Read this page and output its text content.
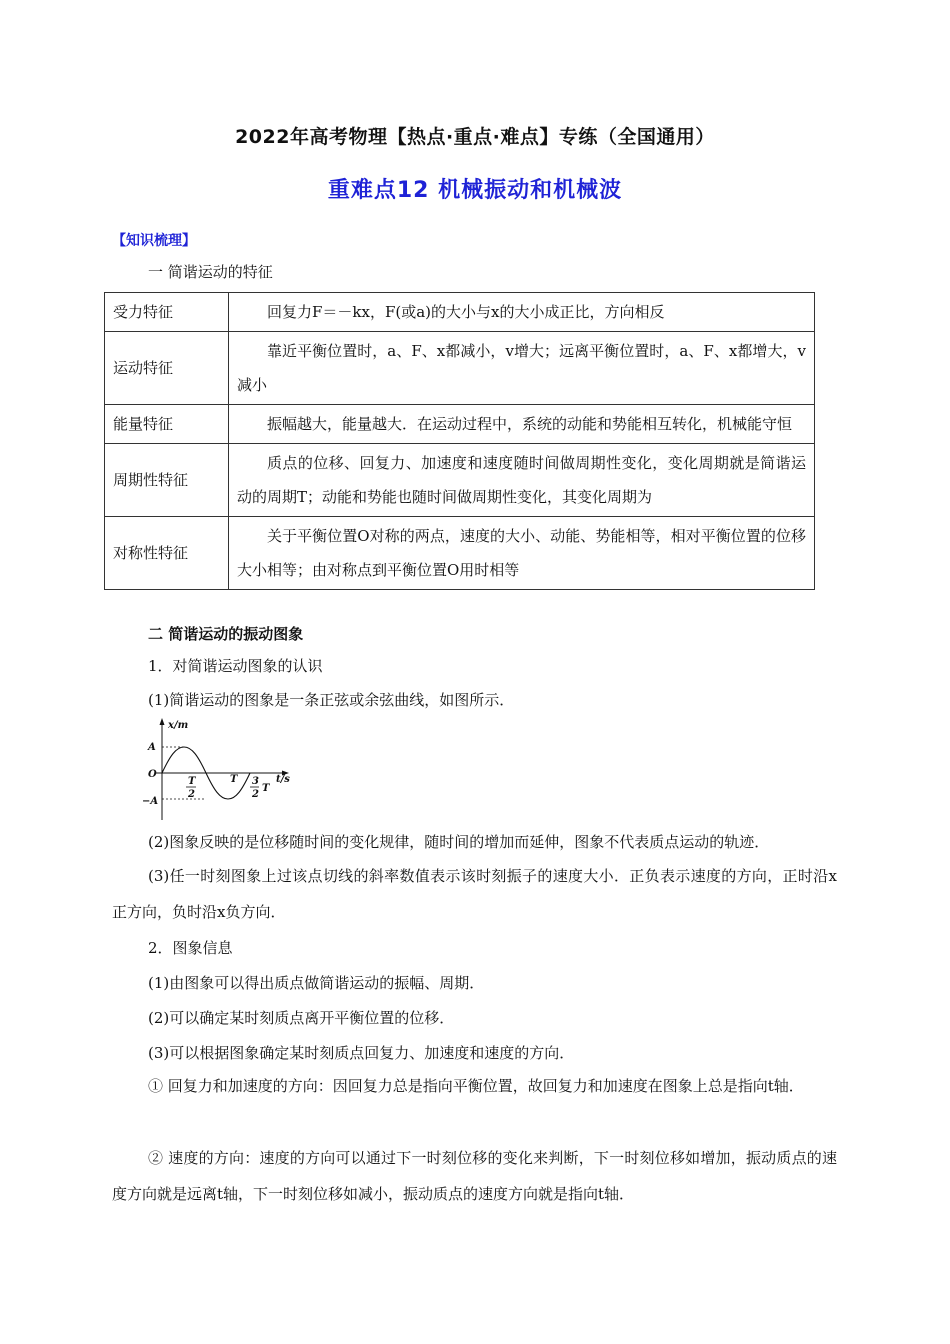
2022年高考物理【热点·重点·难点】专练（全国通用）
重难点12 机械振动和机械波
【知识梳理】
一 简谐运动的特征
受力特征	回复力F＝－kx，F(或a)的大小与x的大小成正比，方向相反
运动特征	靠近平衡位置时，a、F、x都减小，v增大；远离平衡位置时，a、F、x都增大，v减小
能量特征	振幅越大，能量越大．在运动过程中，系统的动能和势能相互转化，机械能守恒
周期性特征	质点的位移、回复力、加速度和速度随时间做周期性变化，变化周期就是简谐运动的周期T；动能和势能也随时间做周期性变化，其变化周期为
对称性特征	关于平衡位置O对称的两点，速度的大小、动能、势能相等，相对平衡位置的位移大小相等；由对称点到平衡位置O用时相等
二 简谐运动的振动图象
1．对简谐运动图象的认识
(1)简谐运动的图象是一条正弦或余弦曲线，如图所示．
A
−A
O
x/m
t/s
T
2
T 3
2
T
(2)图象反映的是位移随时间的变化规律，随时间的增加而延伸，图象不代表质点运动的轨迹．
(3)任一时刻图象上过该点切线的斜率数值表示该时刻振子的速度大小．正负表示速度的方向，正时沿x正方向，负时沿x负方向．
2．图象信息
(1)由图象可以得出质点做简谐运动的振幅、周期．
(2)可以确定某时刻质点离开平衡位置的位移．
(3)可以根据图象确定某时刻质点回复力、加速度和速度的方向．
① 回复力和加速度的方向：因回复力总是指向平衡位置，故回复力和加速度在图象上总是指向t轴．
② 速度的方向：速度的方向可以通过下一时刻位移的变化来判断，下一时刻位移如增加，振动质点的速度方向就是远离t轴，下一时刻位移如减小，振动质点的速度方向就是指向t轴．
